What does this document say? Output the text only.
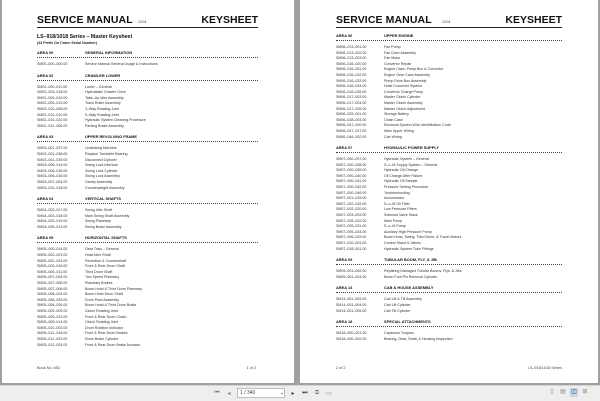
SERVICE MANUAL 0104	KEYSHEET
LS–918/1018 Series – Master Keysheet
(43 Prefix On Crane Serial Number)
AREA 00	GENERAL INFORMATION
SM00–000–000.00	Service Manual General Usage & Instructions
AREA 02	CRAWLER LOWER
SM02–000–011.00	Lower – General
SM02–003–018.00	Hydrostatic Crawler Drive
SM02–004–010.00	Take–Up Idler Assembly
SM02–005–013.00	Track Roller Assembly
SM02–010–008.00	3–Way Rotating Joint
SM02–010–010.00	5–Way Rotating Joint
SM02–010–022.00	Hydraulic System Cleaning Procedure
SM02–012–006.00	Parking Brake Assembly
AREA 03	UPPER REVOLVING FRAME
SM03–001–037.00	Undecking Machine
SM03–001–038.00	Replace Turntable Bearing
SM03–001–039.00	Disconnect Cylinder
SM03–006–014.00	Swing Lock Interlock
SM03–006–016.00	Swing Lock Cylinder
SM03–006–018.00	Swing Lock Assembly
SM03–007–004.00	Gantry Assembly
SM03–010–018.00	Counterweight Assembly
AREA 04	VERTICAL SHAFTS
SM04–003–017.00	Swing Idler Shaft
SM04–003–018.00	Main Swing Shaft Assembly
SM04–003–019.00	Swing Planetary
SM04–005–014.00	Swing Brake Assembly
AREA 05	HORIZONTAL SHAFTS
SM05–000–014.00	Gear Train – General
SM05–002–023.00	Hoist Idler Shaft
SM05–002–024.00	Reduction & Countershaft
SM05–003–016.00	Front & Rear Drum Shaft
SM05–005–011.00	Third Drum Shaft
SM05–007–004.00	Two Speed Planetary
SM05–007–005.00	Planetary Brakes
SM05–007–006.00	Boom Hoist & Third Drum Planetary
SM05–008–024.00	Boom Hoist Drum Shaft
SM05–008–025.00	Drum Pawl Assembly
SM05–008–026.00	Boom Hoist & Third Drum Brake
SM05–009–009.00	Clutch Rotating Joint
SM05–009–013.00	Front & Rear Drum Clutch
SM05–009–014.00	Clutch Rotating Joint
SM05–010–003.00	Drum Rotation Indicator
SM05–012–018.00	Front & Rear Drum Brakes
SM05–012–023.00	Drum Brake Cylinder
SM05–012–024.00	Front & Rear Drum Brake Actuator
Book No. 652	1 of 2
SERVICE MANUAL	0104	KEYSHEET
AREA 06	UPPER ENGINE
SM06–013–001.00	Fan Pump
SM06–013–002.00	Fan Drive Assembly
SM06–013–003.00	Fan Motor
SM06–016–020.00	Convertor Repair
SM06–016–031.00	Engine Case, Pump Box & Convertor
SM06–016–032.00	Engine Gear Case Assembly
SM06–016–033.00	Pump Drive Box Assembly
SM06–016–034.00	Hoist Convertor System
SM06–016–035.00	Convertor Charge Pump
SM06–017–003.00	Master Clutch Cylinder
SM06–017–004.00	Master Clutch Assembly
SM06–017–005.00	Master Clutch Adjustment
SM06–029–001.00	Storage Battery
SM06–038–003.00	Chain Case
SM06–047–000.00	Electrical System Wire Identification Code
SM06–047–017.00	Main Upper Wiring
SM06–048–002.00	Cab Wiring
AREA 07	HYDRAULIC POWER SUPPLY
SM07–000–037.00	Hydraulic System – General
SM07–000–038.00	S–o–M Supply System – General
SM07–000–039.00	Hydraulic Oil Change
SM07–000–040.00	Oil Change After Failure
SM07–000–041.00	Hydraulic Oil Sample
SM07–000–042.00	Pressure Setting Procedure
SM07–000–046.00	Troubleshooting
SM07–001–015.00	Accumulator
SM07–002–019.00	S–o–M Oil Filter
SM07–002–020.00	Low Pressure Filters
SM07–003–003.00	Solenoid Valve Stack
SM07–005–022.00	Main Pump
SM07–005–031.00	S–o–M Pump
SM07–005–034.00	Auxiliary High Pressure Pump
SM07–006–029.00	Boom Hoist, Swing, Third Drum, & Travel Motors
SM07–010–001.00	Control Stand & Valves
SM07–018–001.00	Hydraulic System Tube Fittings
AREA 09	TUBULAR BOOM, FLY, & JIB
SM09–001–002.00	Repairing Damaged Tubular Booms, Flys, & Jibs
SM09–001–004.00	Boom Foot Pin Removal Cylinder
AREA 14	CAB & HOUSE ASSEMBLY
SM14–001–003.00	Cab Lift & Tilt Assembly
SM14–001–004.00	Cab Lift Cylinder
SM14–001–005.00	Cab Tilt Cylinder
AREA 18	SPECIAL ATTACHMENTS
SM18–000–001.00	Capscrew Torques
SM18–000–002.00	Bearing, Gear, Shaft, & Housing Inspection
2 of 2	LS–918/1018 Series
⏮	◂	1 / 340	▾	▸	⏭	⧉	▭	▯	▤ ◫ ⊞
